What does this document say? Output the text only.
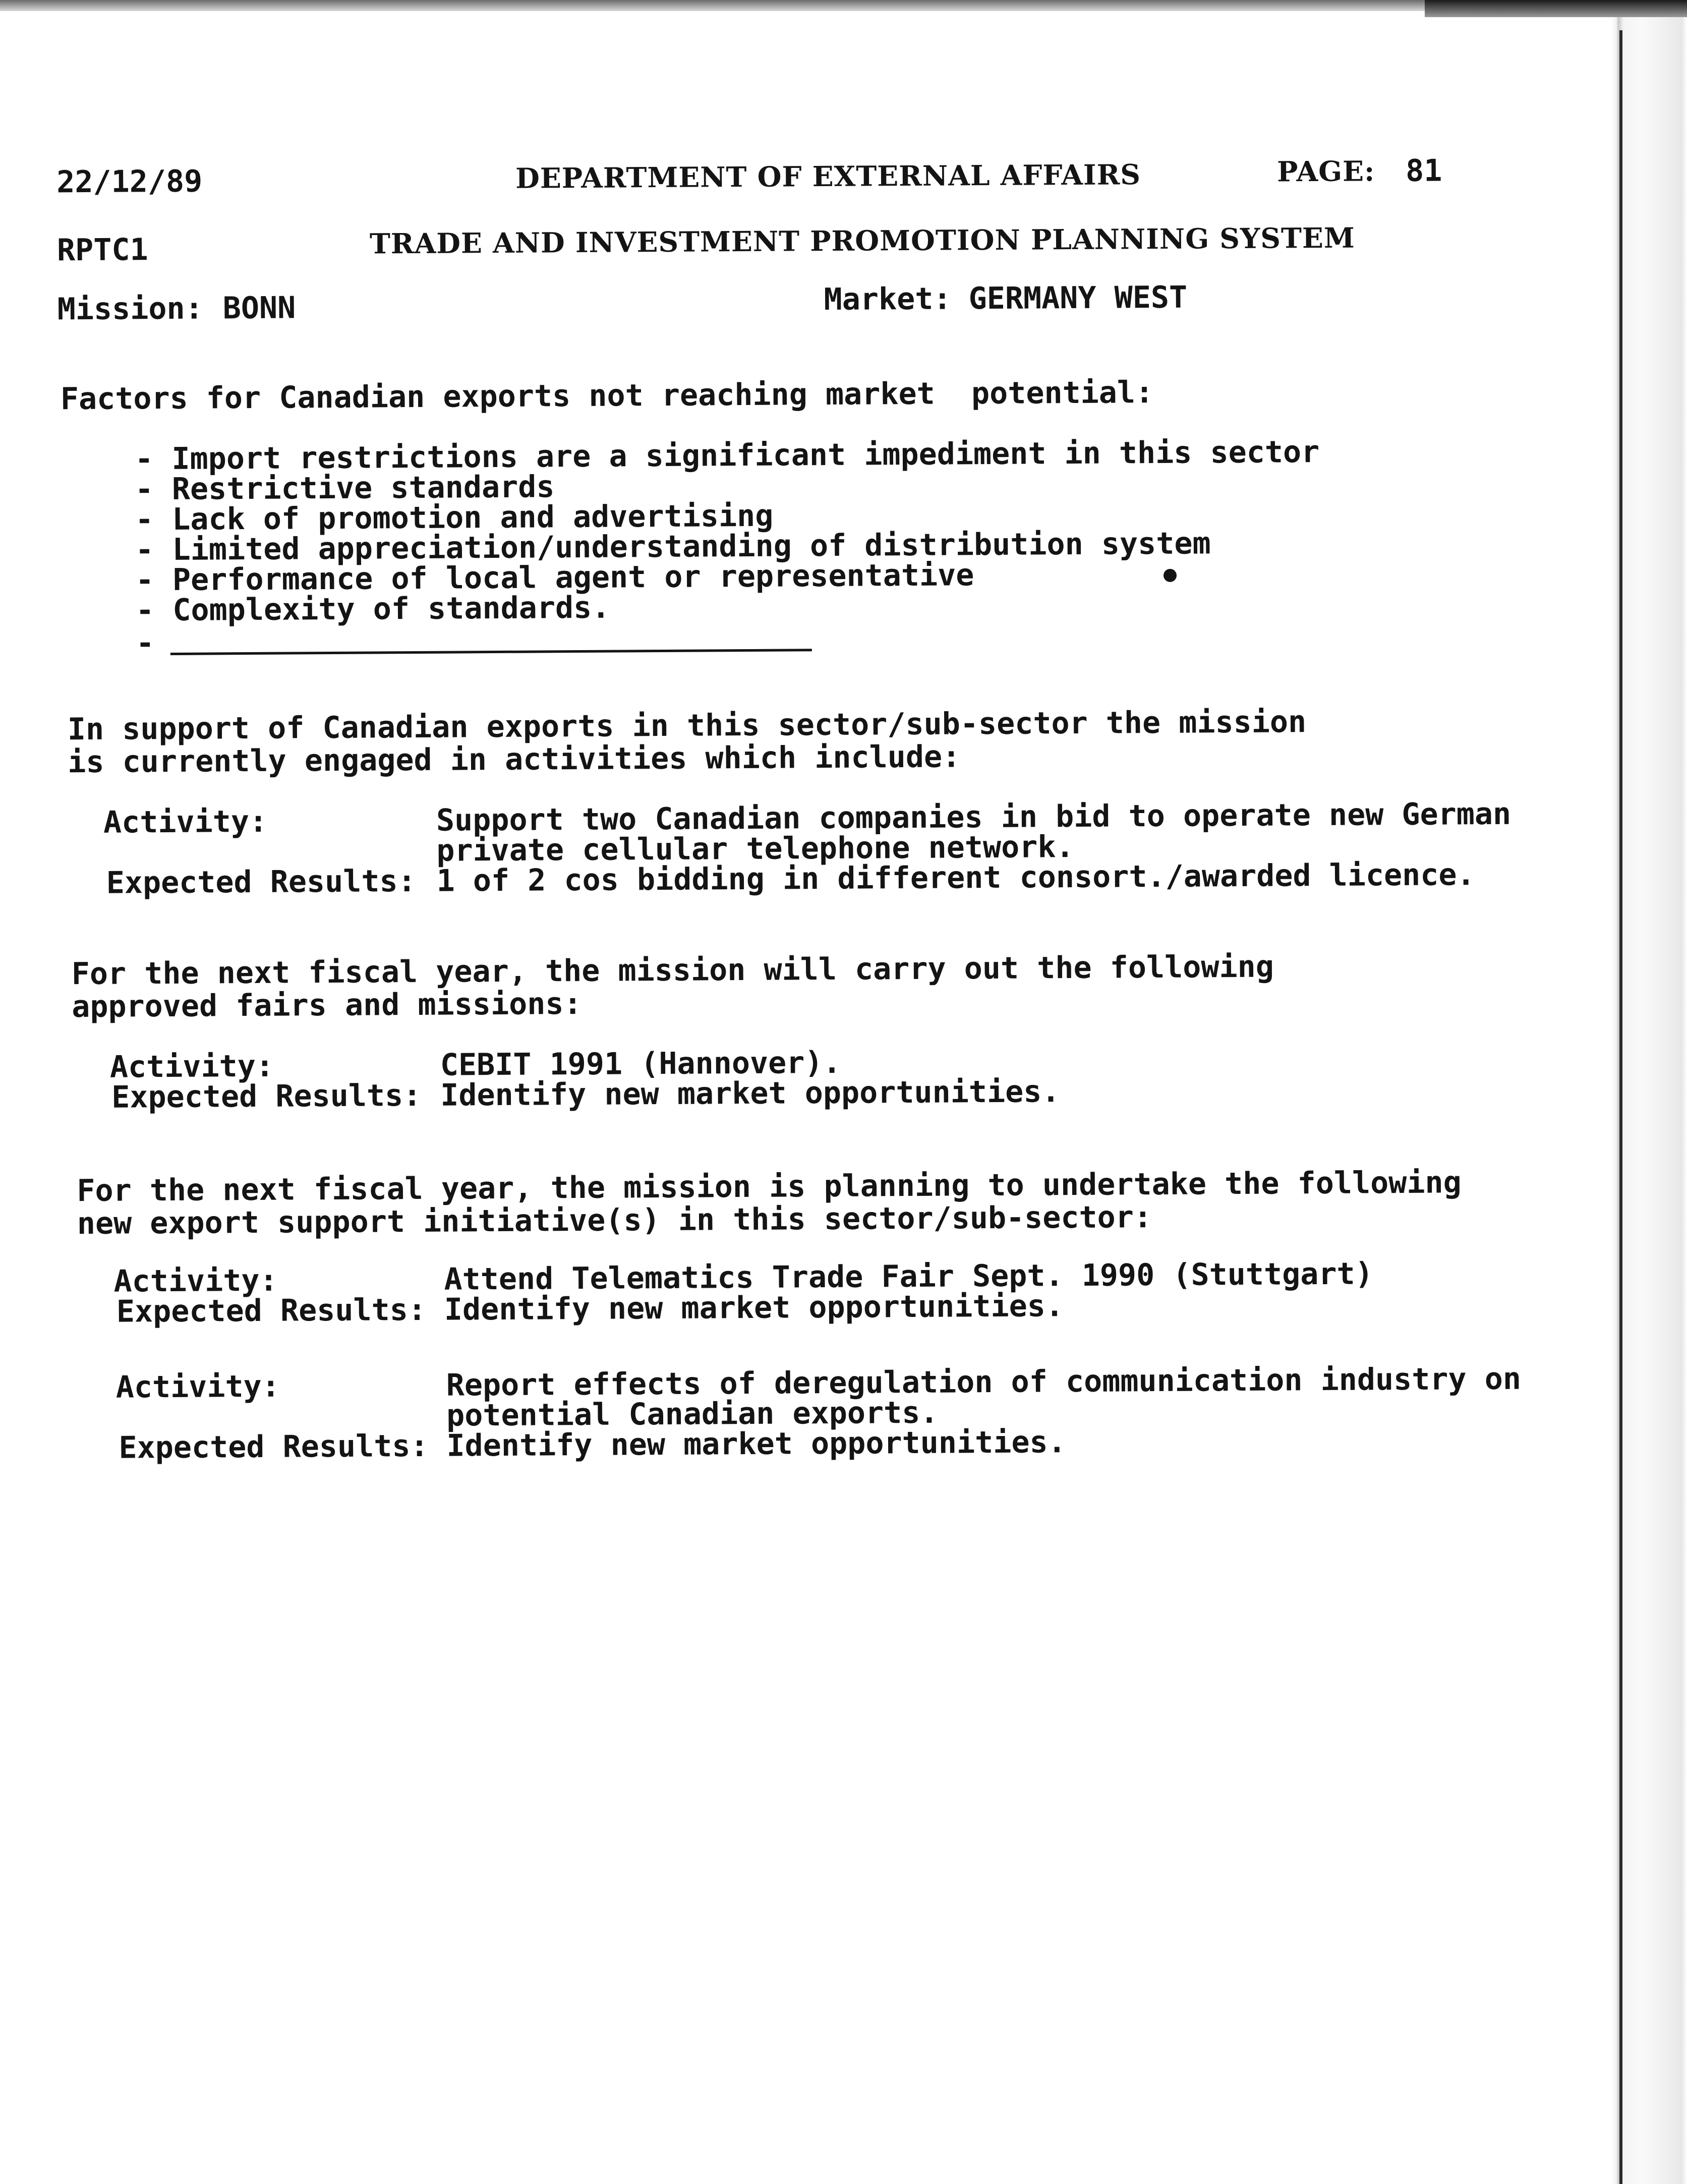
22/12/89	DEPARTMENT OF EXTERNAL AFFAIRS	PAGE: 81
RPTC1	TRADE AND INVESTMENT PROMOTION PLANNING SYSTEM
Mission: BONN	Market: GERMANY WEST
Factors for Canadian exports not reaching market  potential:
- Import restrictions are a significant impediment in this sector
- Restrictive standards
- Lack of promotion and advertising
- Limited appreciation/understanding of distribution system
- Performance of local agent or representative
- Complexity of standards.
-
In support of Canadian exports in this sector/sub-sector the mission
is currently engaged in activities which include:
Activity:	Support two Canadian companies in bid to operate new German
private cellular telephone network.
Expected Results: 1 of 2 cos bidding in different consort./awarded licence.
For the next fiscal year, the mission will carry out the following
approved fairs and missions:
Activity:	CEBIT 1991 (Hannover).
Expected Results: Identify new market opportunities.
For the next fiscal year, the mission is planning to undertake the following
new export support initiative(s) in this sector/sub-sector:
Activity:	Attend Telematics Trade Fair Sept. 1990 (Stuttgart)
Expected Results: Identify new market opportunities.
Activity:	Report effects of deregulation of communication industry on
potential Canadian exports.
Expected Results: Identify new market opportunities.
